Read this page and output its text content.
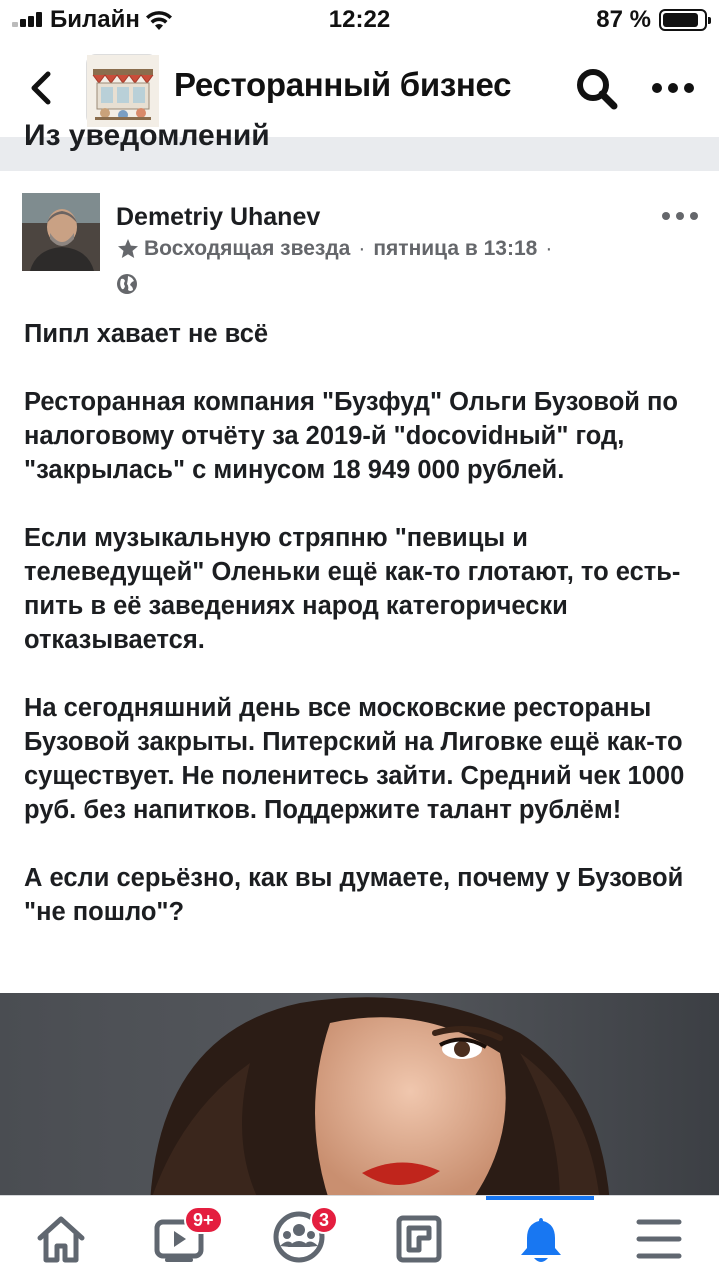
Билайн	12:22	87 %
Ресторанный бизнес
Из уведомлений
Demetriy Uhanev
Восходящая звезда · пятница в 13:18 ·

Пипл хавает не всё

Ресторанная компания "Бузфуд" Ольги Бузовой по налоговому отчёту за 2019-й "docovidный" год, "закрылась" с минусом 18 949 000 рублей.

Если музыкальную стряпню "певицы и телеведущей" Оленьки ещё как-то глотают, то есть-пить в её заведениях народ категорически отказывается.

На сегодняшний день все московские рестораны Бузовой закрыты. Питерский на Лиговке ещё как-то существует. Не поленитесь зайти. Средний чек 1000 руб. без напитков. Поддержите талант рублём!

А если серьёзно, как вы думаете, почему у Бузовой "не пошло"?

9+	3
